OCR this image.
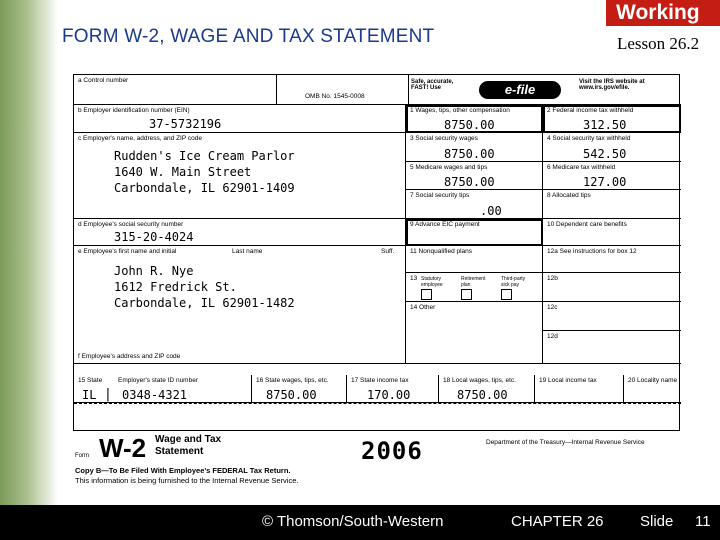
FORM W-2, WAGE AND TAX STATEMENT
Working
Lesson 26.2
a Control number
OMB No. 1545-0008
Safe, accurate, FAST! Use
Visit the IRS website at www.irs.gov/efile.
e-file
b Employer identification number (EIN)
37-5732196
c Employer's name, address, and ZIP code
Rudden's Ice Cream Parlor
1640 W. Main Street
Carbondale, IL 62901-1409
d Employee's social security number
315-20-4024
e Employee's first name and initial	Last name	Suff.
John R. Nye
1612 Fredrick St.
Carbondale, IL 62901-1482
f Employee's address and ZIP code
1 Wages, tips, other compensation
8750.00
2 Federal income tax withheld
312.50
3 Social security wages
8750.00
4 Social security tax withheld
542.50
5 Medicare wages and tips
8750.00
6 Medicare tax withheld
127.00
7 Social security tips
.00
8 Allocated tips
9 Advance EIC payment	10 Dependent care benefits
11 Nonqualified plans	12a See instructions for box 12
13 Statutory employee
Retirement plan
Third-party sick pay
12b
14 Other	12c
12d
15 State Employer's state ID number
IL | 0348-4321
16 State wages, tips, etc.
8750.00
17 State income tax
170.00
18 Local wages, tips, etc.
8750.00
19 Local income tax	20 Locality name
Form W-2 Wage and Tax
Statement	2006	Department of the Treasury—Internal Revenue Service
Copy B—To Be Filed With Employee's FEDERAL Tax Return.
This information is being furnished to the Internal Revenue Service.
© Thomson/South-Western	CHAPTER 26 Slide 11
